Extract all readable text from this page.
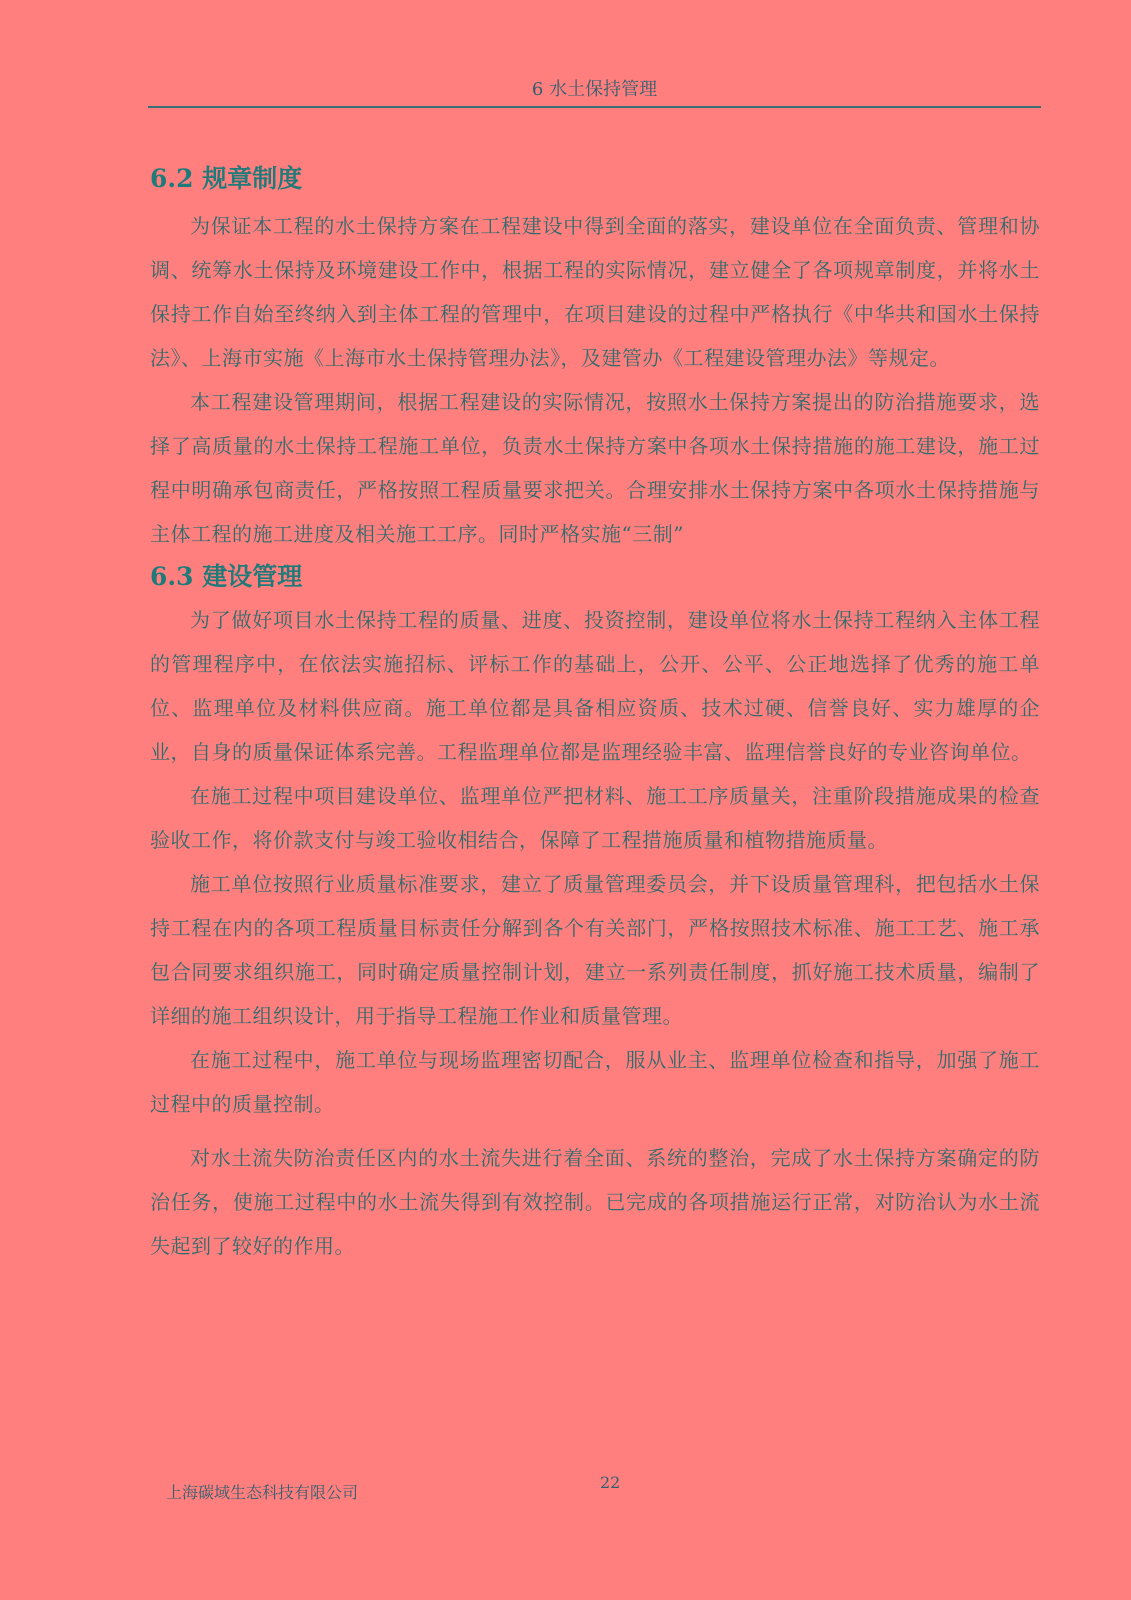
6 水土保持管理
6.2 规章制度

为保证本工程的水土保持方案在工程建设中得到全面的落实，建设单位在全面负责、管理和协调、统筹水土保持及环境建设工作中，根据工程的实际情况，建立健全了各项规章制度，并将水土保持工作自始至终纳入到主体工程的管理中，在项目建设的过程中严格执行《中华共和国水土保持法》、上海市实施《上海市水土保持管理办法》，及建管办《工程建设管理办法》等规定。

本工程建设管理期间，根据工程建设的实际情况，按照水土保持方案提出的防治措施要求，选择了高质量的水土保持工程施工单位，负责水土保持方案中各项水土保持措施的施工建设，施工过程中明确承包商责任，严格按照工程质量要求把关。合理安排水土保持方案中各项水土保持措施与主体工程的施工进度及相关施工工序。同时严格实施“三制”

6.3 建设管理

为了做好项目水土保持工程的质量、进度、投资控制，建设单位将水土保持工程纳入主体工程的管理程序中，在依法实施招标、评标工作的基础上，公开、公平、公正地选择了优秀的施工单位、监理单位及材料供应商。施工单位都是具备相应资质、技术过硬、信誉良好、实力雄厚的企业，自身的质量保证体系完善。工程监理单位都是监理经验丰富、监理信誉良好的专业咨询单位。

在施工过程中项目建设单位、监理单位严把材料、施工工序质量关，注重阶段措施成果的检查验收工作，将价款支付与竣工验收相结合，保障了工程措施质量和植物措施质量。

施工单位按照行业质量标准要求，建立了质量管理委员会，并下设质量管理科，把包括水土保持工程在内的各项工程质量目标责任分解到各个有关部门，严格按照技术标准、施工工艺、施工承包合同要求组织施工，同时确定质量控制计划，建立一系列责任制度，抓好施工技术质量，编制了详细的施工组织设计，用于指导工程施工作业和质量管理。

在施工过程中，施工单位与现场监理密切配合，服从业主、监理单位检查和指导，加强了施工过程中的质量控制。

对水土流失防治责任区内的水土流失进行着全面、系统的整治，完成了水土保持方案确定的防治任务，使施工过程中的水土流失得到有效控制。已完成的各项措施运行正常，对防治认为水土流失起到了较好的作用。

上海碳域生态科技有限公司
22
